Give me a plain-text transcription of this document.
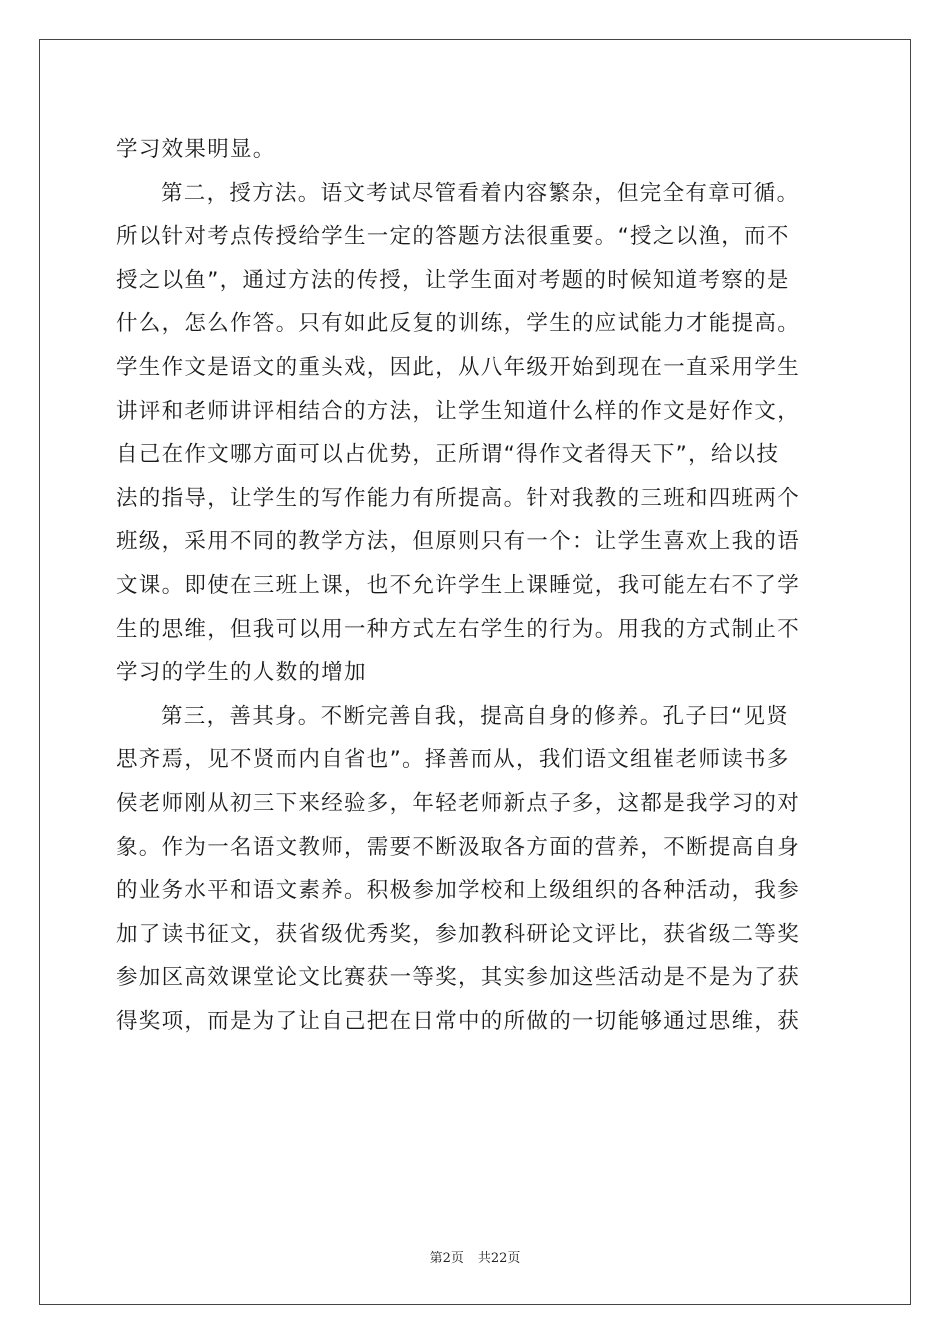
学习效果明显。
第二，授方法。语文考试尽管看着内容繁杂，但完全有章可循。
所以针对考点传授给学生一定的答题方法很重要。“授之以渔，而不
授之以鱼”，通过方法的传授，让学生面对考题的时候知道考察的是
什么，怎么作答。只有如此反复的训练，学生的应试能力才能提高。
学生作文是语文的重头戏，因此，从八年级开始到现在一直采用学生
讲评和老师讲评相结合的方法，让学生知道什么样的作文是好作文，
自己在作文哪方面可以占优势，正所谓“得作文者得天下”，给以技
法的指导，让学生的写作能力有所提高。针对我教的三班和四班两个
班级，采用不同的教学方法，但原则只有一个：让学生喜欢上我的语
文课。即使在三班上课，也不允许学生上课睡觉，我可能左右不了学
生的思维，但我可以用一种方式左右学生的行为。用我的方式制止不
学习的学生的人数的增加
第三，善其身。不断完善自我，提高自身的修养。孔子曰“见贤
思齐焉，见不贤而内自省也”。择善而从，我们语文组崔老师读书多
侯老师刚从初三下来经验多，年轻老师新点子多，这都是我学习的对
象。作为一名语文教师，需要不断汲取各方面的营养，不断提高自身
的业务水平和语文素养。积极参加学校和上级组织的各种活动，我参
加了读书征文，获省级优秀奖，参加教科研论文评比，获省级二等奖
参加区高效课堂论文比赛获一等奖，其实参加这些活动是不是为了获
得奖项，而是为了让自己把在日常中的所做的一切能够通过思维，获
第2页 共22页
